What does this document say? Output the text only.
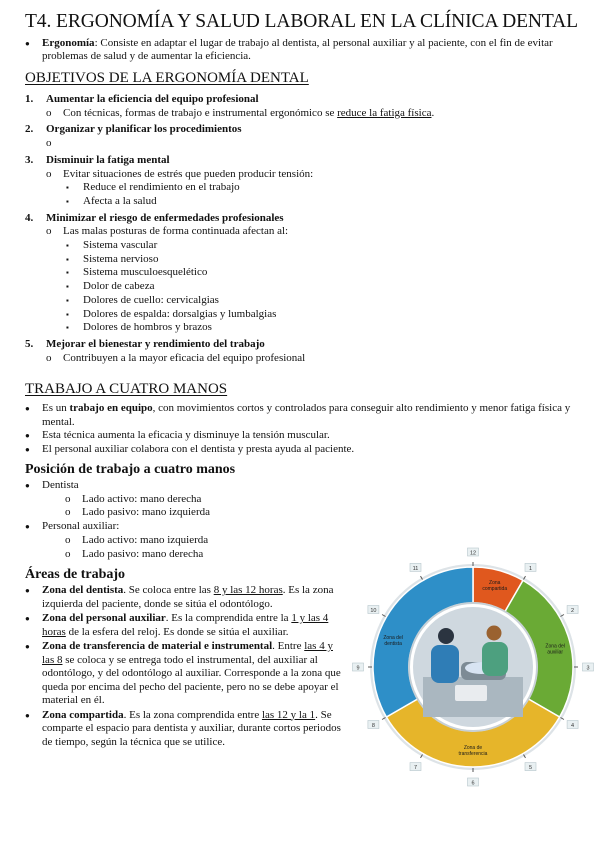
T4. ERGONOMÍA Y SALUD LABORAL EN LA CLÍNICA DENTAL
● Ergonomía: Consiste en adaptar el lugar de trabajo al dentista, al personal auxiliar y al paciente, con el fin de evitar problemas de salud y de aumentar la eficiencia.
OBJETIVOS DE LA ERGONOMÍA DENTAL
1. Aumentar la eficiencia del equipo profesional
o Con técnicas, formas de trabajo e instrumental ergonómico se reduce la fatiga física.
2. Organizar y planificar los procedimientos
o
3. Disminuir la fatiga mental
o Evitar situaciones de estrés que pueden producir tensión:
▪ Reduce el rendimiento en el trabajo
▪ Afecta a la salud
4. Minimizar el riesgo de enfermedades profesionales
o Las malas posturas de forma continuada afectan al:
▪ Sistema vascular
▪ Sistema nervioso
▪ Sistema musculoesquelético
▪ Dolor de cabeza
▪ Dolores de cuello: cervicalgias
▪ Dolores de espalda: dorsalgias y lumbalgias
▪ Dolores de hombros y brazos
5. Mejorar el bienestar y rendimiento del trabajo
o Contribuyen a la mayor eficacia del equipo profesional
TRABAJO A CUATRO MANOS
● Es un trabajo en equipo, con movimientos cortos y controlados para conseguir alto rendimiento y menor fatiga física y mental.
● Esta técnica aumenta la eficacia y disminuye la tensión muscular.
● El personal auxiliar colabora con el dentista y presta ayuda al paciente.
Posición de trabajo a cuatro manos
● Dentista
o Lado activo: mano derecha
o Lado pasivo: mano izquierda
● Personal auxiliar:
o Lado activo: mano izquierda
o Lado pasivo: mano derecha
Áreas de trabajo
● Zona del dentista. Se coloca entre las 8 y las 12 horas. Es la zona izquierda del paciente, donde se sitúa el odontólogo.
● Zona del personal auxiliar. Es la comprendida entre la 1 y las 4 horas de la esfera del reloj. Es donde se sitúa el auxiliar.
● Zona de transferencia de material e instrumental. Entre las 4 y las 8 se coloca y se entrega todo el instrumental, del auxiliar al odontólogo, y del odontólogo al auxiliar. Corresponde a la zona que queda por encima del pecho del paciente, pero no se debe apoyar el material en él.
● Zona compartida. Es la zona comprendida entre las 12 y la 1. Se comparte el espacio para dentista y auxiliar, durante cortos periodos de tiempo, según la técnica que se utilice.
12
1
2
3
4
5
6
7
8
9
10
11
Zona compartida
Zona del auxiliar
Zona de transferencia
Zona del dentista
